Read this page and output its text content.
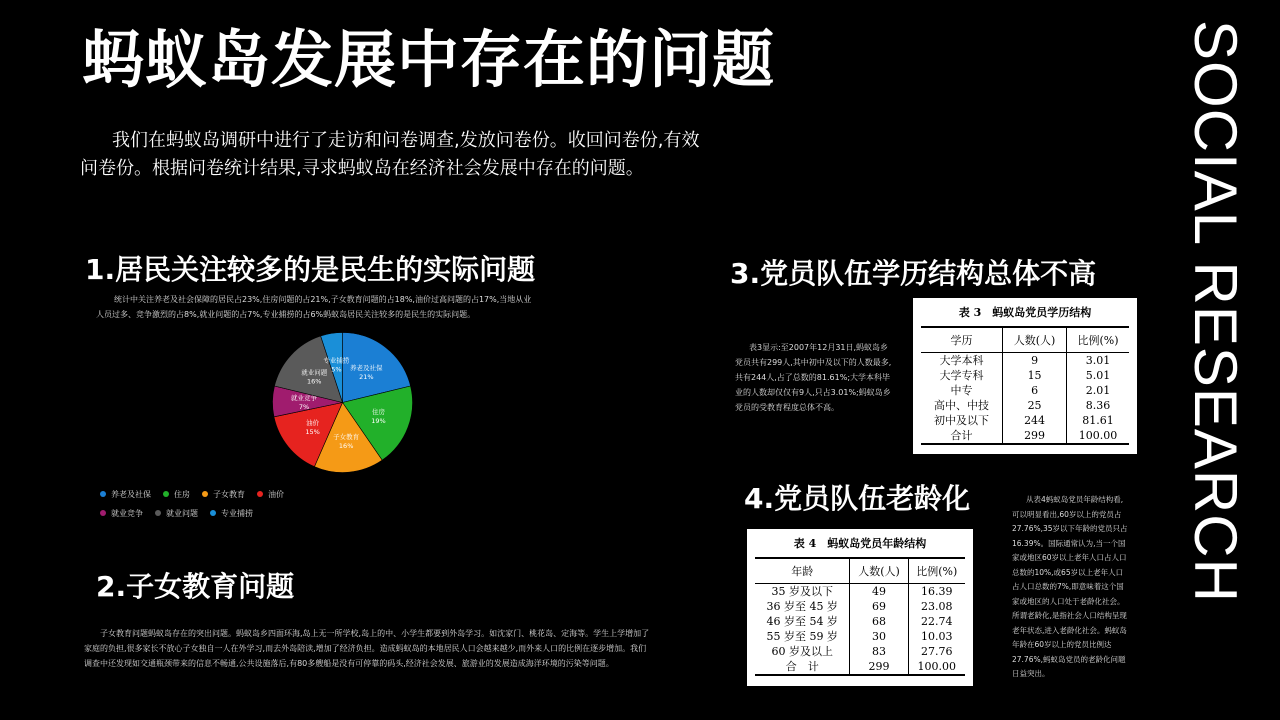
蚂蚁岛发展中存在的问题	SOCIAL RESEARCH
我们在蚂蚁岛调研中进行了走访和问卷调查,发放问卷份。收回问卷份,有效问卷份。根据问卷统计结果,寻求蚂蚁岛在经济社会发展中存在的问题。
1.居民关注较多的是民生的实际问题
统计中关注养老及社会保障的居民占23%,住房问题的占21%,子女教育问题的占18%,油价过高问题的占17%,当地从业人员过多、竞争激烈的占8%,就业问题的占7%,专业捕捞的占6%蚂蚁岛居民关注较多的是民生的实际问题。
养老及社保
21%
住房
19%
子女教育
16%
油价
15%
就业竞争
7%
就业问题
16%
专业捕捞
5%
养老及社保	住房	子女教育	油价
就业竞争	就业问题	专业捕捞
2.子女教育问题
子女教育问题蚂蚁岛存在的突出问题。蚂蚁岛乡四面环海,岛上无一所学校,岛上的中、小学生都要到外岛学习。如沈家门、桃花岛、定海等。学生上学增加了家庭的负担,很多家长不放心子女独自一人在外学习,而去外岛陪读,增加了经济负担。造成蚂蚁岛的本地居民人口会越来越少,而外来人口的比例在逐步增加。我们调查中还发现如交通瓶颈带来的信息不畅通,公共设施落后,有80多艘船是没有可停靠的码头,经济社会发展、旅游业的发展造成海洋环境的污染等问题。
3.党员队伍学历结构总体不高
表3显示:至2007年12月31日,蚂蚁岛乡党员共有299人,其中初中及以下的人数最多,共有244人,占了总数的81.61%;大学本科毕业的人数却仅仅有9人,只占3.01%;蚂蚁岛乡党员的受教育程度总体不高。
表 3　蚂蚁岛党员学历结构
学历	人数(人)	比例(%)
大学本科	9	3.01
大学专科	15	5.01
中专	6	2.01
高中、中技	25	8.36
初中及以下	244	81.61
合计	299	100.00
4.党员队伍老龄化	从表4蚂蚁岛党员年龄结构看,可以明显看出,60岁以上的党员占27.76%,35岁以下年龄的党员只占16.39%。国际通常认为,当一个国家或地区60岁以上老年人口占人口总数的10%,或65岁以上老年人口占人口总数的7%,即意味着这个国家或地区的人口处于老龄化社会。所谓老龄化,是指社会人口结构呈现老年状态,进入老龄化社会。蚂蚁岛年龄在60岁以上的党员比例达27.76%,蚂蚁岛党员的老龄化问题日益突出。
表 4　蚂蚁岛党员年龄结构
年龄	人数(人)	比例(%)
35 岁及以下	49	16.39
36 岁至 45 岁	69	23.08
46 岁至 54 岁	68	22.74
55 岁至 59 岁	30	10.03
60 岁及以上	83	27.76
合　计	299	100.00
